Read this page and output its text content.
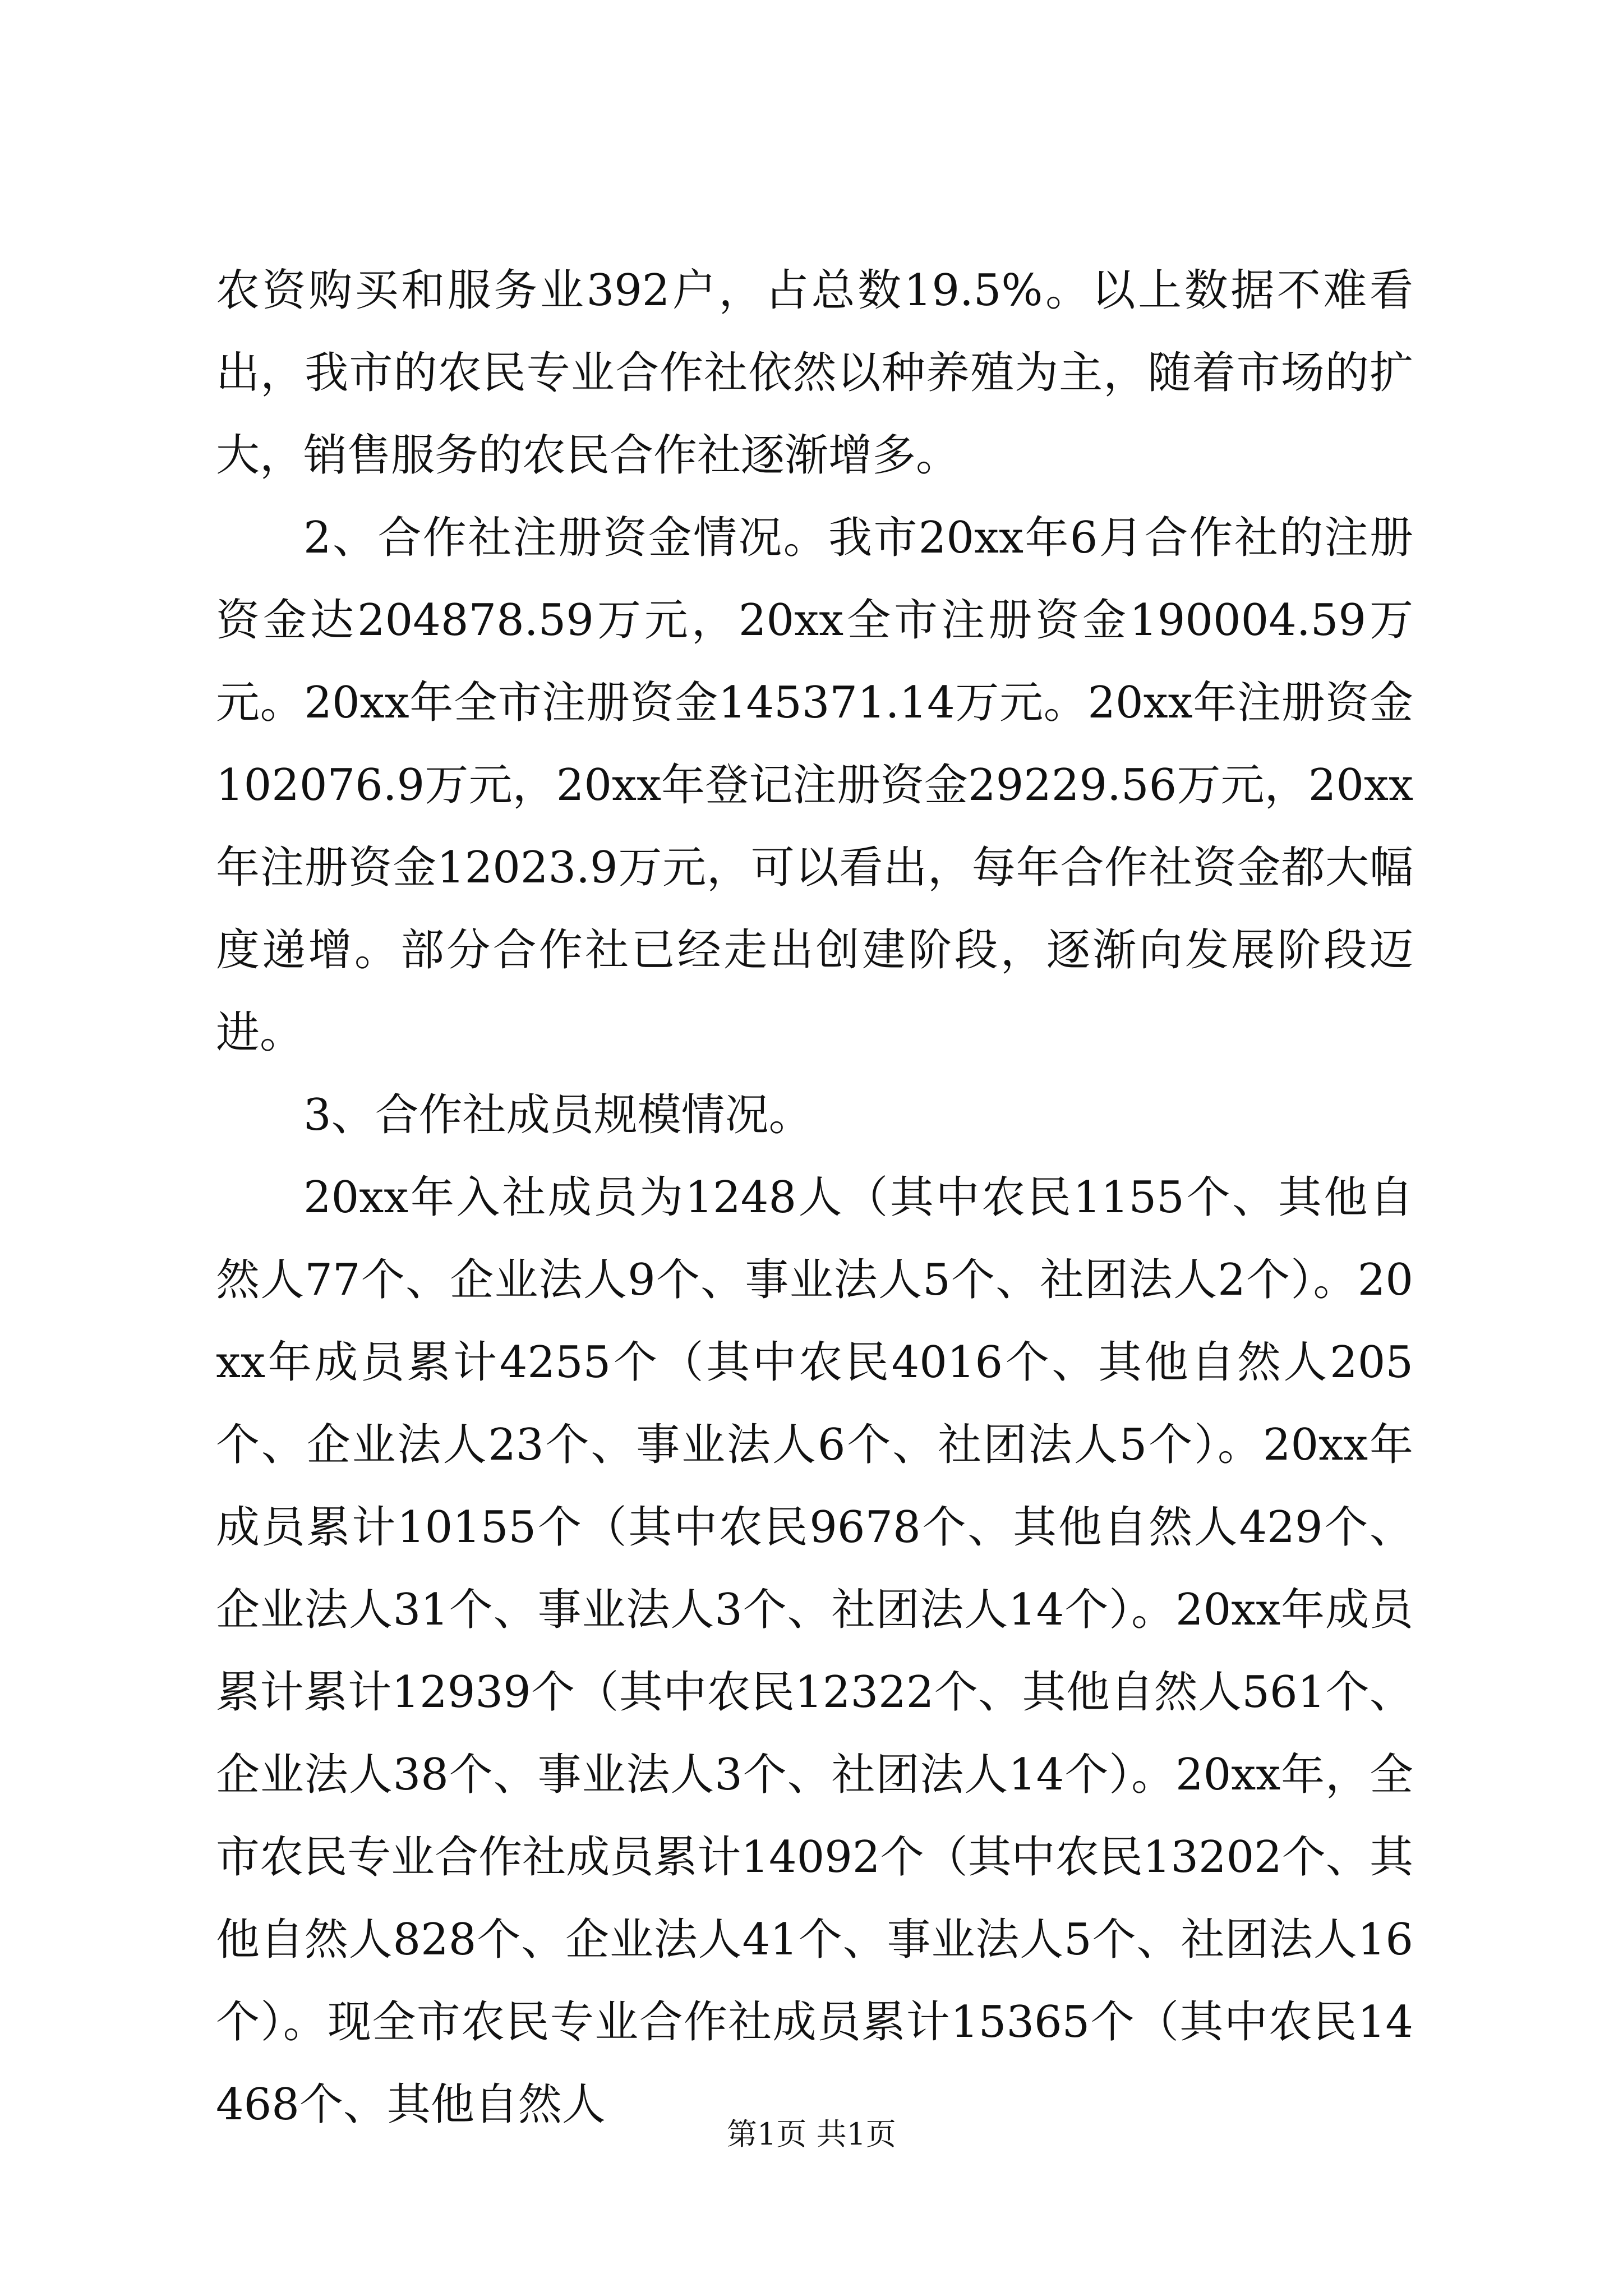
农资购买和服务业392户，占总数19.5%。以上数据不难看出，我市的农民专业合作社依然以种养殖为主，随着市场的扩大，销售服务的农民合作社逐渐增多。

2、合作社注册资金情况。我市20xx年6月合作社的注册资金达204878.59万元，20xx全市注册资金190004.59万元。20xx年全市注册资金145371.14万元。20xx年注册资金102076.9万元，20xx年登记注册资金29229.56万元，20xx年注册资金12023.9万元，可以看出，每年合作社资金都大幅度递增。部分合作社已经走出创建阶段，逐渐向发展阶段迈进。

3、合作社成员规模情况。

20xx年入社成员为1248人（其中农民1155个、其他自然人77个、企业法人9个、事业法人5个、社团法人2个）。20xx年成员累计4255个（其中农民4016个、其他自然人205个、企业法人23个、事业法人6个、社团法人5个）。20xx年成员累计10155个（其中农民9678个、其他自然人429个、企业法人31个、事业法人3个、社团法人14个）。20xx年成员累计累计12939个（其中农民12322个、其他自然人561个、企业法人38个、事业法人3个、社团法人14个）。20xx年，全市农民专业合作社成员累计14092个（其中农民13202个、其他自然人828个、企业法人41个、事业法人5个、社团法人16个）。现全市农民专业合作社成员累计15365个（其中农民14468个、其他自然人

第1页 共1页
